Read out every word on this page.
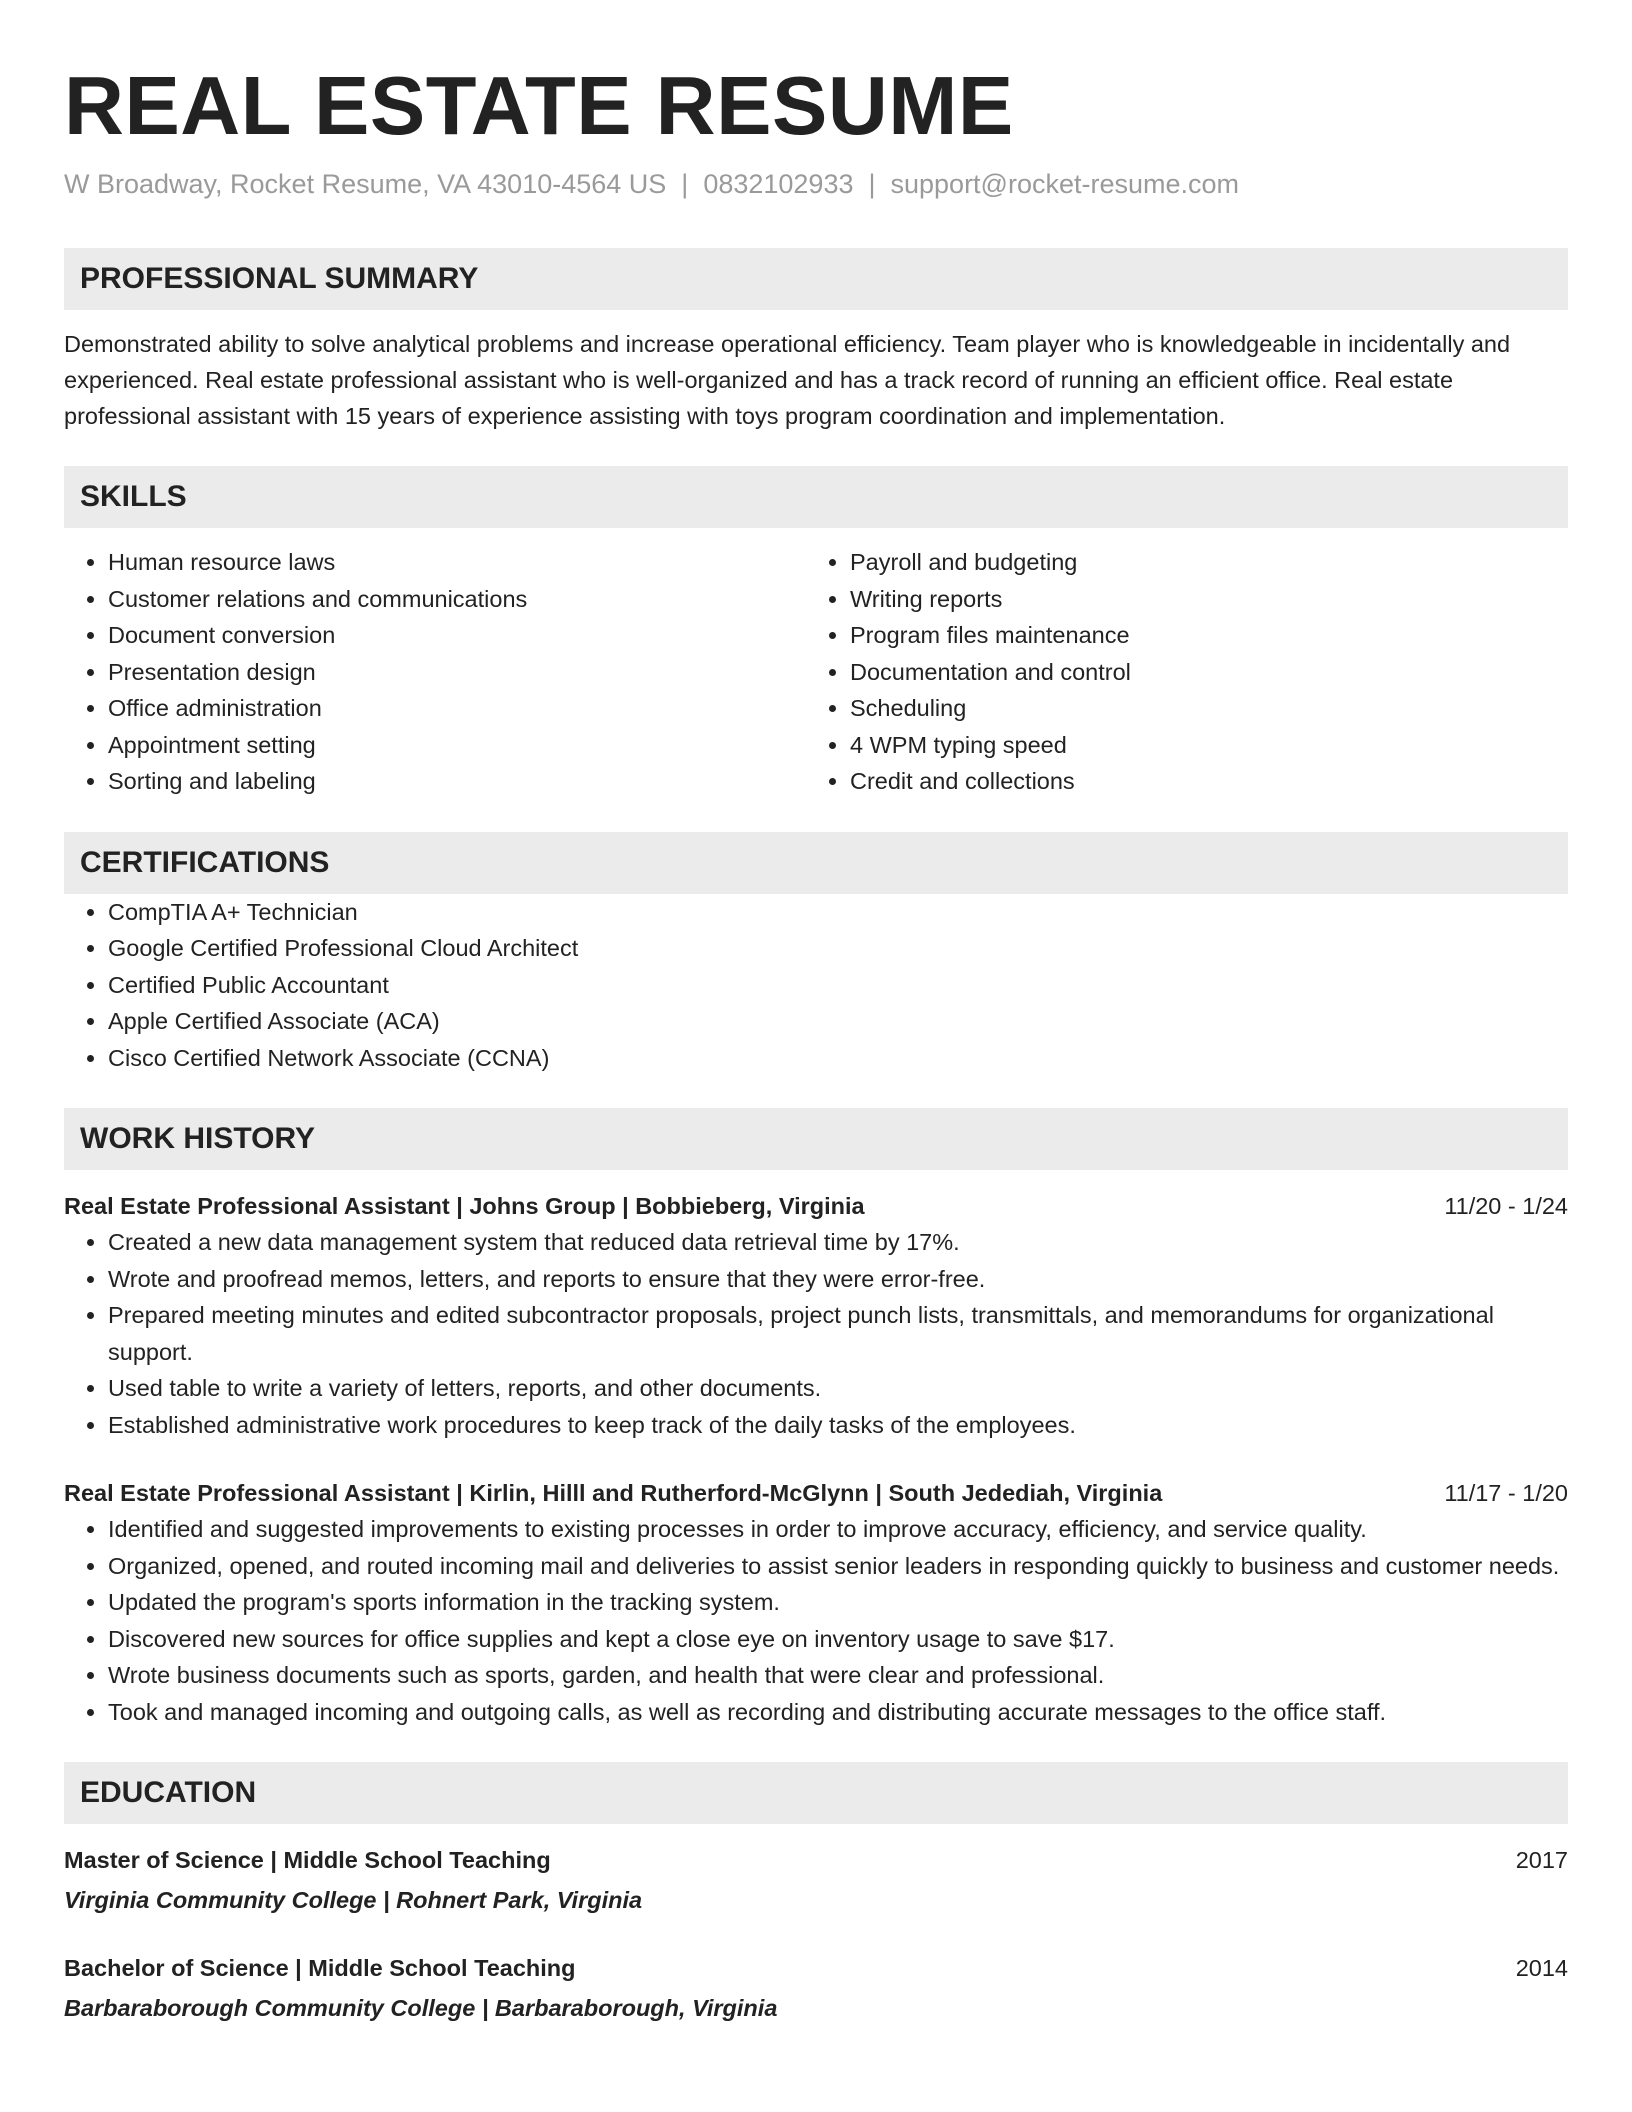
REAL ESTATE RESUME
W Broadway, Rocket Resume, VA 43010-4564 US | 0832102933 | support@rocket-resume.com
PROFESSIONAL SUMMARY

Demonstrated ability to solve analytical problems and increase operational efficiency. Team player who is knowledgeable in incidentally and experienced. Real estate professional assistant who is well-organized and has a track record of running an efficient office. Real estate professional assistant with 15 years of experience assisting with toys program coordination and implementation.

SKILLS
• Human resource laws
• Customer relations and communications
• Document conversion
• Presentation design
• Office administration
• Appointment setting
• Sorting and labeling
• Payroll and budgeting
• Writing reports
• Program files maintenance
• Documentation and control
• Scheduling
• 4 WPM typing speed
• Credit and collections
CERTIFICATIONS
• CompTIA A+ Technician
• Google Certified Professional Cloud Architect
• Certified Public Accountant
• Apple Certified Associate (ACA)
• Cisco Certified Network Associate (CCNA)
WORK HISTORY
Real Estate Professional Assistant | Johns Group | Bobbieberg, Virginia	11/20 - 1/24
• Created a new data management system that reduced data retrieval time by 17%.
• Wrote and proofread memos, letters, and reports to ensure that they were error-free.
• Prepared meeting minutes and edited subcontractor proposals, project punch lists, transmittals, and memorandums for organizational support.
• Used table to write a variety of letters, reports, and other documents.
• Established administrative work procedures to keep track of the daily tasks of the employees.
Real Estate Professional Assistant | Kirlin, Hilll and Rutherford-McGlynn | South Jedediah, Virginia	11/17 - 1/20
• Identified and suggested improvements to existing processes in order to improve accuracy, efficiency, and service quality.
• Organized, opened, and routed incoming mail and deliveries to assist senior leaders in responding quickly to business and customer needs.
• Updated the program's sports information in the tracking system.
• Discovered new sources for office supplies and kept a close eye on inventory usage to save $17.
• Wrote business documents such as sports, garden, and health that were clear and professional.
• Took and managed incoming and outgoing calls, as well as recording and distributing accurate messages to the office staff.
EDUCATION
Master of Science | Middle School Teaching	2017
Virginia Community College | Rohnert Park, Virginia
Bachelor of Science | Middle School Teaching	2014
Barbaraborough Community College | Barbaraborough, Virginia
